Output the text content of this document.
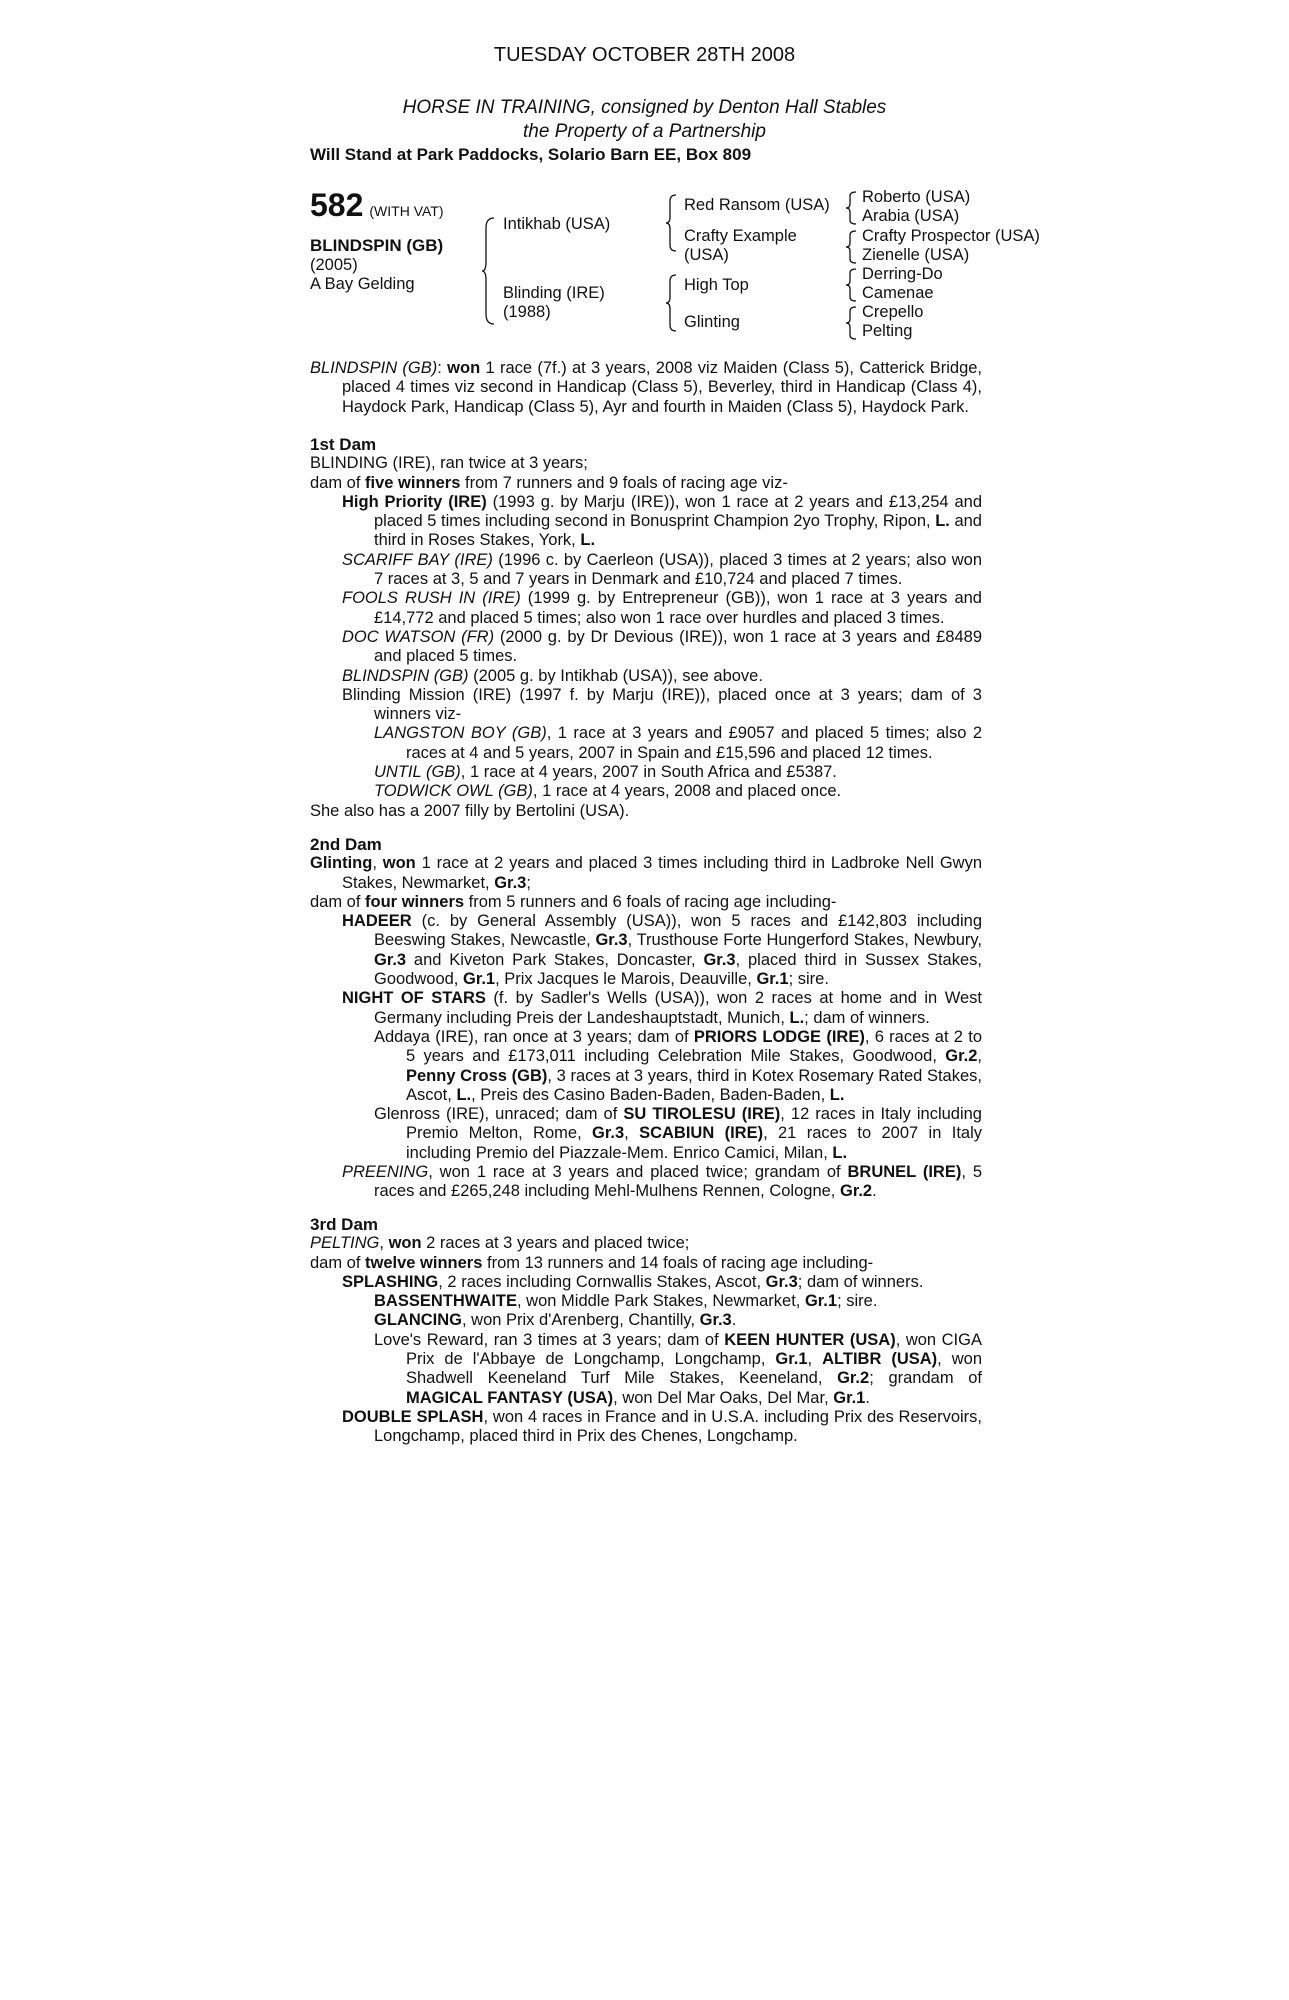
TUESDAY OCTOBER 28TH 2008
HORSE IN TRAINING, consigned by Denton Hall Stables
the Property of a Partnership
Will Stand at Park Paddocks, Solario Barn EE, Box 809
582 (WITH VAT)
BLINDSPIN (GB)
(2005)
A Bay Gelding
Intikhab (USA)
Blinding (IRE)
(1988)
Red Ransom (USA)
Crafty Example
(USA)
High Top
Glinting
Roberto (USA)
Arabia (USA)
Crafty Prospector (USA)
Zienelle (USA)
Derring-Do
Camenae
Crepello
Pelting

BLINDSPIN (GB): won 1 race (7f.) at 3 years, 2008 viz Maiden (Class 5), Catterick Bridge, placed 4 times viz second in Handicap (Class 5), Beverley, third in Handicap (Class 4), Haydock Park, Handicap (Class 5), Ayr and fourth in Maiden (Class 5), Haydock Park.

1st Dam

BLINDING (IRE), ran twice at 3 years;

dam of five winners from 7 runners and 9 foals of racing age viz-

High Priority (IRE) (1993 g. by Marju (IRE)), won 1 race at 2 years and £13,254 and placed 5 times including second in Bonusprint Champion 2yo Trophy, Ripon, L. and third in Roses Stakes, York, L.

SCARIFF BAY (IRE) (1996 c. by Caerleon (USA)), placed 3 times at 2 years; also won 7 races at 3, 5 and 7 years in Denmark and £10,724 and placed 7 times.

FOOLS RUSH IN (IRE) (1999 g. by Entrepreneur (GB)), won 1 race at 3 years and £14,772 and placed 5 times; also won 1 race over hurdles and placed 3 times.

DOC WATSON (FR) (2000 g. by Dr Devious (IRE)), won 1 race at 3 years and £8489 and placed 5 times.

BLINDSPIN (GB) (2005 g. by Intikhab (USA)), see above.

Blinding Mission (IRE) (1997 f. by Marju (IRE)), placed once at 3 years; dam of 3 winners viz-

LANGSTON BOY (GB), 1 race at 3 years and £9057 and placed 5 times; also 2 races at 4 and 5 years, 2007 in Spain and £15,596 and placed 12 times.

UNTIL (GB), 1 race at 4 years, 2007 in South Africa and £5387.

TODWICK OWL (GB), 1 race at 4 years, 2008 and placed once.

She also has a 2007 filly by Bertolini (USA).

2nd Dam

Glinting, won 1 race at 2 years and placed 3 times including third in Ladbroke Nell Gwyn Stakes, Newmarket, Gr.3;

dam of four winners from 5 runners and 6 foals of racing age including-

HADEER (c. by General Assembly (USA)), won 5 races and £142,803 including Beeswing Stakes, Newcastle, Gr.3, Trusthouse Forte Hungerford Stakes, Newbury, Gr.3 and Kiveton Park Stakes, Doncaster, Gr.3, placed third in Sussex Stakes, Goodwood, Gr.1, Prix Jacques le Marois, Deauville, Gr.1; sire.

NIGHT OF STARS (f. by Sadler's Wells (USA)), won 2 races at home and in West Germany including Preis der Landeshauptstadt, Munich, L.; dam of winners.

Addaya (IRE), ran once at 3 years; dam of PRIORS LODGE (IRE), 6 races at 2 to 5 years and £173,011 including Celebration Mile Stakes, Goodwood, Gr.2, Penny Cross (GB), 3 races at 3 years, third in Kotex Rosemary Rated Stakes, Ascot, L., Preis des Casino Baden-Baden, Baden-Baden, L.

Glenross (IRE), unraced; dam of SU TIROLESU (IRE), 12 races in Italy including Premio Melton, Rome, Gr.3, SCABIUN (IRE), 21 races to 2007 in Italy including Premio del Piazzale-Mem. Enrico Camici, Milan, L.

PREENING, won 1 race at 3 years and placed twice; grandam of BRUNEL (IRE), 5 races and £265,248 including Mehl-Mulhens Rennen, Cologne, Gr.2.

3rd Dam

PELTING, won 2 races at 3 years and placed twice;

dam of twelve winners from 13 runners and 14 foals of racing age including-

SPLASHING, 2 races including Cornwallis Stakes, Ascot, Gr.3; dam of winners.

BASSENTHWAITE, won Middle Park Stakes, Newmarket, Gr.1; sire.

GLANCING, won Prix d'Arenberg, Chantilly, Gr.3.

Love's Reward, ran 3 times at 3 years; dam of KEEN HUNTER (USA), won CIGA Prix de l'Abbaye de Longchamp, Longchamp, Gr.1, ALTIBR (USA), won Shadwell Keeneland Turf Mile Stakes, Keeneland, Gr.2; grandam of MAGICAL FANTASY (USA), won Del Mar Oaks, Del Mar, Gr.1.

DOUBLE SPLASH, won 4 races in France and in U.S.A. including Prix des Reservoirs, Longchamp, placed third in Prix des Chenes, Longchamp.
